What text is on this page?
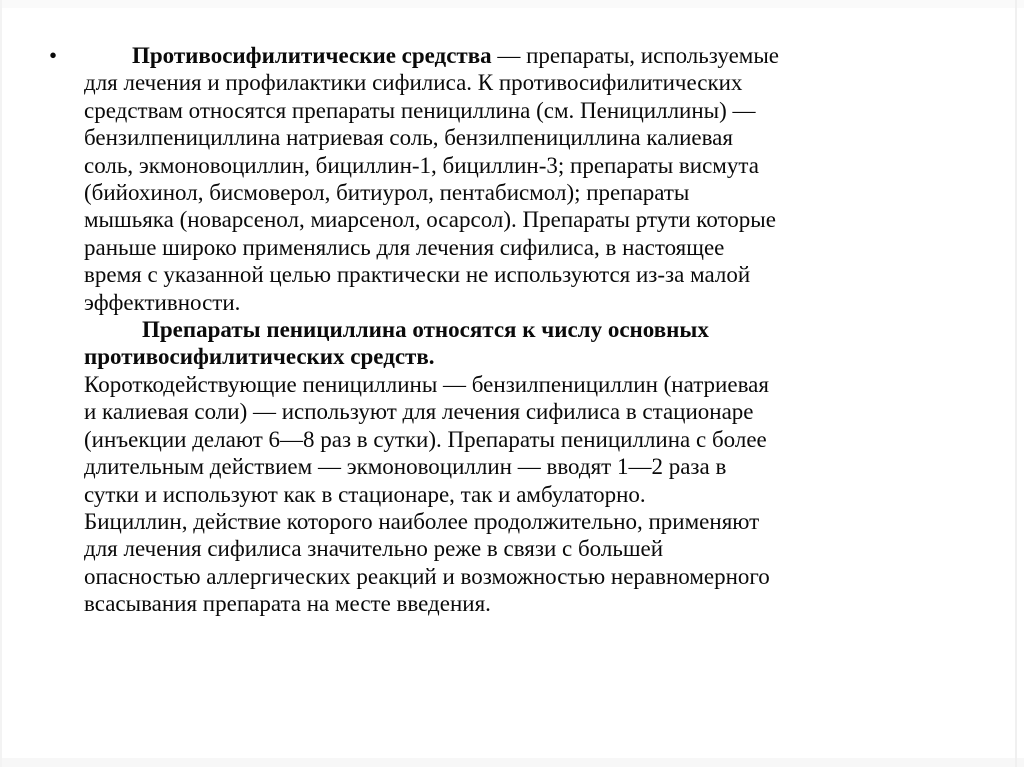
•	Противосифилитические средства — препараты, используемые
для лечения и профилактики сифилиса. К противосифилитических
средствам относятся препараты пенициллина (см. Пенициллины) —
бензилпенициллина натриевая соль, бензилпенициллина калиевая
соль, экмоновоциллин, бициллин-1, бициллин-3; препараты висмута
(бийохинол, бисмоверол, битиурол, пентабисмол); препараты
мышьяка (новарсенол, миарсенол, осарсол). Препараты ртути которые
раньше широко применялись для лечения сифилиса, в настоящее
время с указанной целью практически не используются из-за малой
эффективности.
Препараты пенициллина относятся к числу основных
противосифилитических средств.
Короткодействующие пенициллины — бензилпенициллин (натриевая
и калиевая соли) — используют для лечения сифилиса в стационаре
(инъекции делают 6—8 раз в сутки). Препараты пенициллина с более
длительным действием — экмоновоциллин — вводят 1—2 раза в
сутки и используют как в стационаре, так и амбулаторно.
Бициллин, действие которого наиболее продолжительно, применяют
для лечения сифилиса значительно реже в связи с большей
опасностью аллергических реакций и возможностью неравномерного
всасывания препарата на месте введения.
